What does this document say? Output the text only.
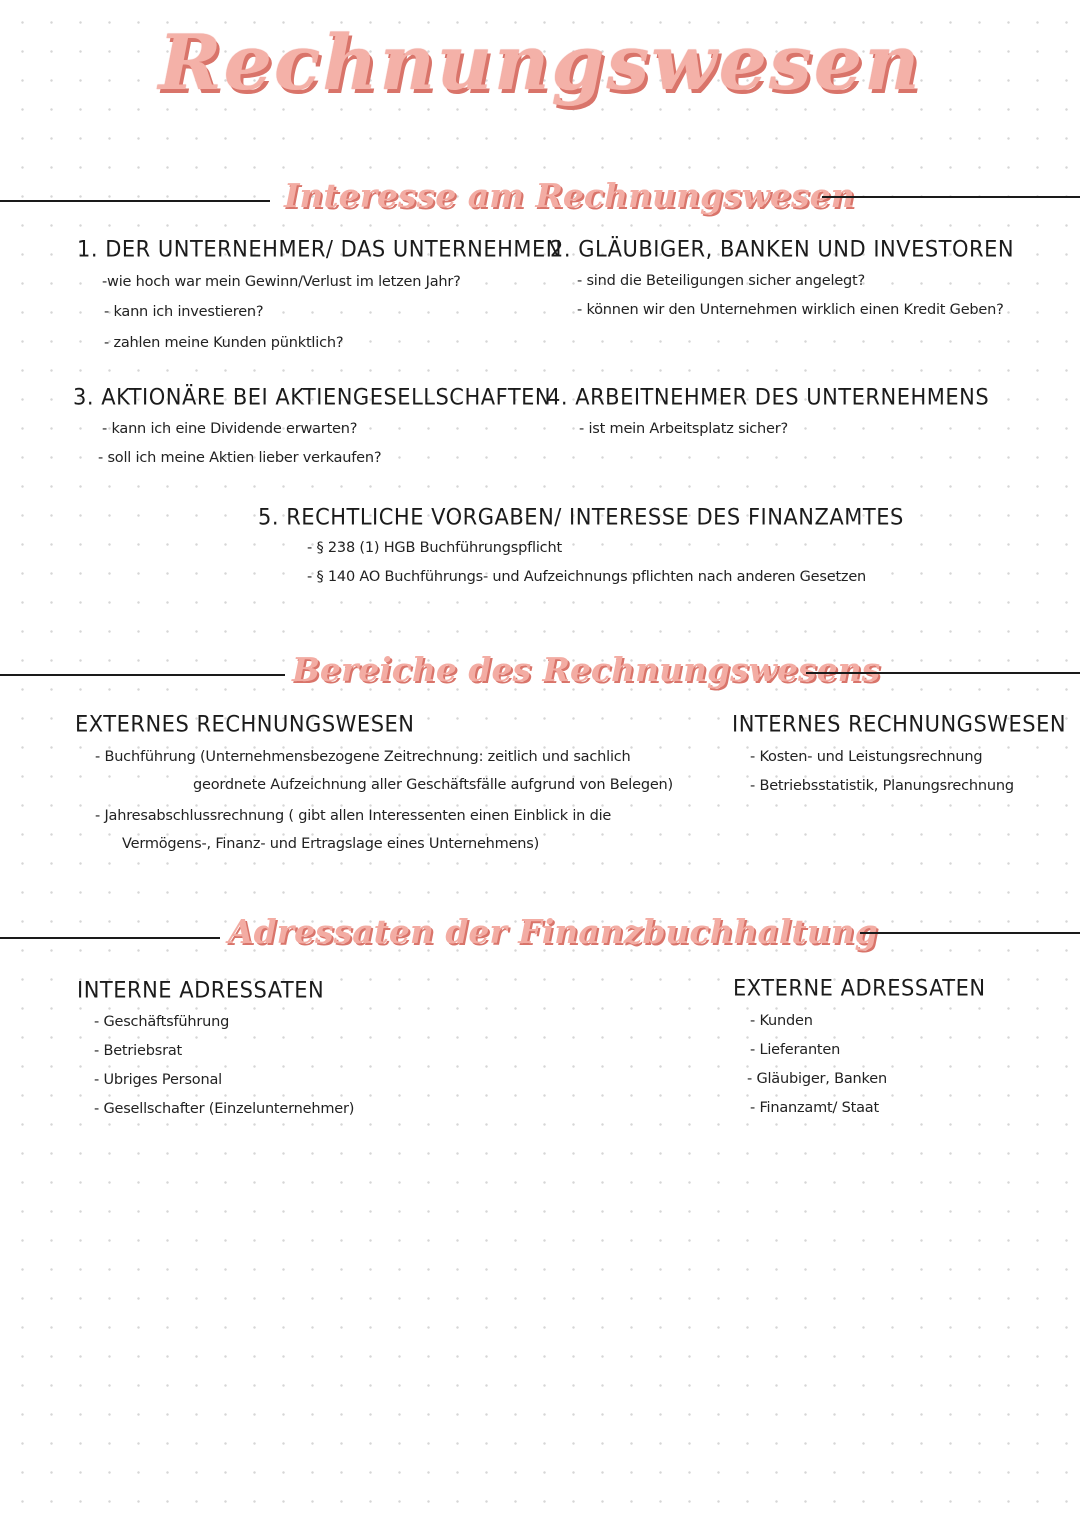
Rechnungswesen
Interesse am Rechnungswesen
1. DER UNTERNEHMER/ DAS UNTERNEHMEN
-wie hoch war mein Gewinn/Verlust im letzen Jahr?
- kann ich investieren?
- zahlen meine Kunden pünktlich?
2. GLÄUBIGER, BANKEN UND INVESTOREN
- sind die Beteiligungen sicher angelegt?
- können wir den Unternehmen wirklich einen Kredit Geben?
3. AKTIONÄRE BEI AKTIENGESELLSCHAFTEN
- kann ich eine Dividende erwarten?
- soll ich meine Aktien lieber verkaufen?
4. ARBEITNEHMER DES UNTERNEHMENS
- ist mein Arbeitsplatz sicher?
5. RECHTLICHE VORGABEN/ INTERESSE DES FINANZAMTES
- § 238 (1) HGB Buchführungspflicht
- § 140 AO Buchführungs- und Aufzeichnungs pflichten nach anderen Gesetzen
Bereiche des Rechnungswesens
EXTERNES RECHNUNGSWESEN
- Buchführung (Unternehmensbezogene Zeitrechnung: zeitlich und sachlich
geordnete Aufzeichnung aller Geschäftsfälle aufgrund von Belegen)
- Jahresabschlussrechnung ( gibt allen Interessenten einen Einblick in die
Vermögens-, Finanz- und Ertragslage eines Unternehmens)
INTERNES RECHNUNGSWESEN
- Kosten- und Leistungsrechnung
- Betriebsstatistik, Planungsrechnung
Adressaten der Finanzbuchhaltung
INTERNE ADRESSATEN
- Geschäftsführung
- Betriebsrat
- Ubriges Personal
- Gesellschafter (Einzelunternehmer)
EXTERNE ADRESSATEN
- Kunden
- Lieferanten
- Gläubiger, Banken
- Finanzamt/ Staat
